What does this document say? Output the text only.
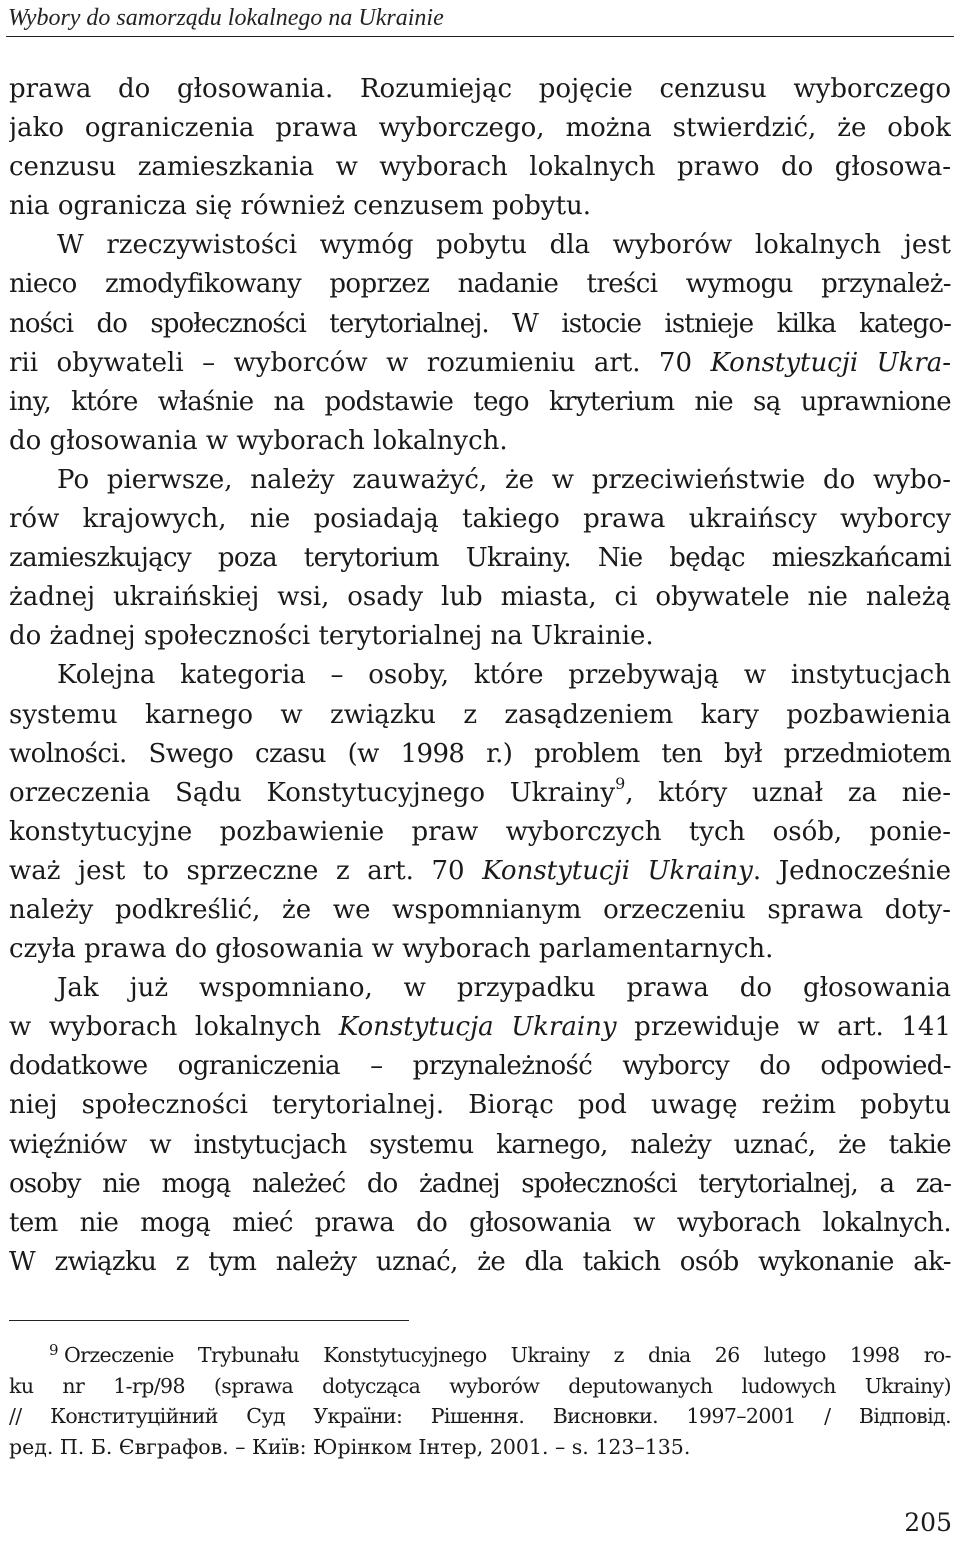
Wybory do samorządu lokalnego na Ukrainie
prawa do głosowania. Rozumiejąc pojęcie cenzusu wyborczego
jako ograniczenia prawa wyborczego, można stwierdzić, że obok
cenzusu zamieszkania w wyborach lokalnych prawo do głosowa-
nia ogranicza się również cenzusem pobytu.
W rzeczywistości wymóg pobytu dla wyborów lokalnych jest
nieco zmodyfikowany poprzez nadanie treści wymogu przynależ-
ności do społeczności terytorialnej. W istocie istnieje kilka katego-
rii obywateli – wyborców w rozumieniu art. 70 Konstytucji Ukra-
iny, które właśnie na podstawie tego kryterium nie są uprawnione
do głosowania w wyborach lokalnych.
Po pierwsze, należy zauważyć, że w przeciwieństwie do wybo-
rów krajowych, nie posiadają takiego prawa ukraińscy wyborcy
zamieszkujący poza terytorium Ukrainy. Nie będąc mieszkańcami
żadnej ukraińskiej wsi, osady lub miasta, ci obywatele nie należą
do żadnej społeczności terytorialnej na Ukrainie.
Kolejna kategoria – osoby, które przebywają w instytucjach
systemu karnego w związku z zasądzeniem kary pozbawienia
wolności. Swego czasu (w 1998 r.) problem ten był przedmiotem
orzeczenia Sądu Konstytucyjnego Ukrainy$^9$, który uznał za nie-
konstytucyjne pozbawienie praw wyborczych tych osób, ponie-
waż jest to sprzeczne z art. 70 Konstytucji Ukrainy. Jednocześnie
należy podkreślić, że we wspomnianym orzeczeniu sprawa doty-
czyła prawa do głosowania w wyborach parlamentarnych.
Jak już wspomniano, w przypadku prawa do głosowania
w wyborach lokalnych Konstytucja Ukrainy przewiduje w art. 141
dodatkowe ograniczenia – przynależność wyborcy do odpowied-
niej społeczności terytorialnej. Biorąc pod uwagę reżim pobytu
więźniów w instytucjach systemu karnego, należy uznać, że takie
osoby nie mogą należeć do żadnej społeczności terytorialnej, a za-
tem nie mogą mieć prawa do głosowania w wyborach lokalnych.
W związku z tym należy uznać, że dla takich osób wykonanie ak-
$^9$ Orzeczenie Trybunału Konstytucyjnego Ukrainy z dnia 26 lutego 1998 ro-
ku nr 1-rp/98 (sprawa dotycząca wyborów deputowanych ludowych Ukrainy)
// Конституційний Суд України: Рішення. Висновки. 1997–2001 / Відповід.
ред. П. Б. Євграфов. – Київ: Юрінком Інтер, 2001. – s. 123–135.
205
